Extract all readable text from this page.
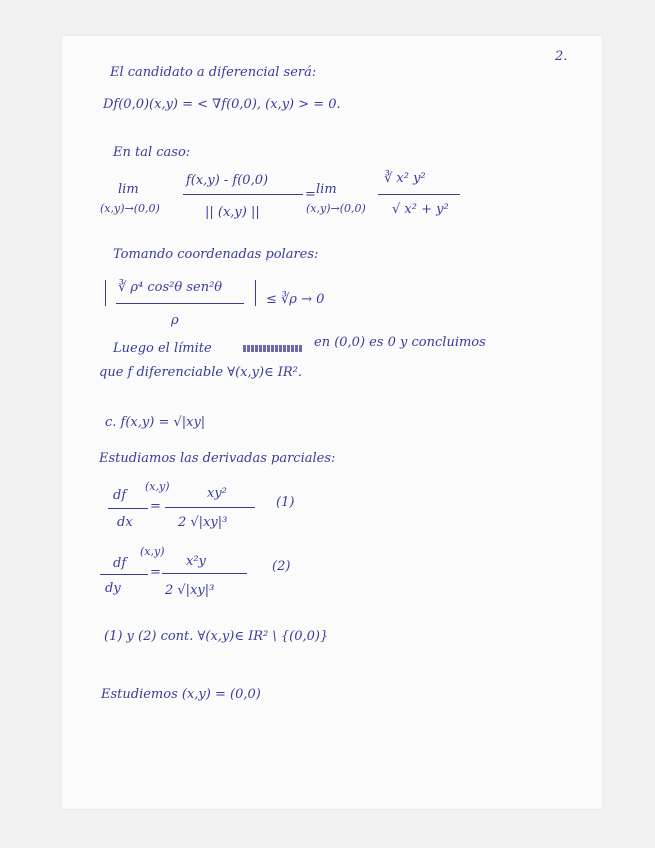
2.
El candidato a diferencial será:
Df(0,0)(x,y) = < ∇f(0,0), (x,y) > = 0.
En tal caso:
lim
(x,y)→(0,0)
f(x,y) - f(0,0)
|| (x,y) ||
= lim
(x,y)→(0,0)
∛ x² y²
√ x² + y²
Tomando coordenadas polares:
∛ ρ⁴ cos²θ sen²θ
ρ
≤ ∛ρ → 0
Luego el límite	en (0,0) es 0 y concluimos
que f diferenciable ∀(x,y)∈ IR².
c. f(x,y) = √|xy|
Estudiamos las derivadas parciales:
df
(x,y)
dx
=
xy²
2 √|xy|³
(1)
df
(x,y)
dy
=
x²y
2 √|xy|³
(2)
(1) y (2) cont. ∀(x,y)∈ IR² \ {(0,0)}
Estudiemos (x,y) = (0,0)
